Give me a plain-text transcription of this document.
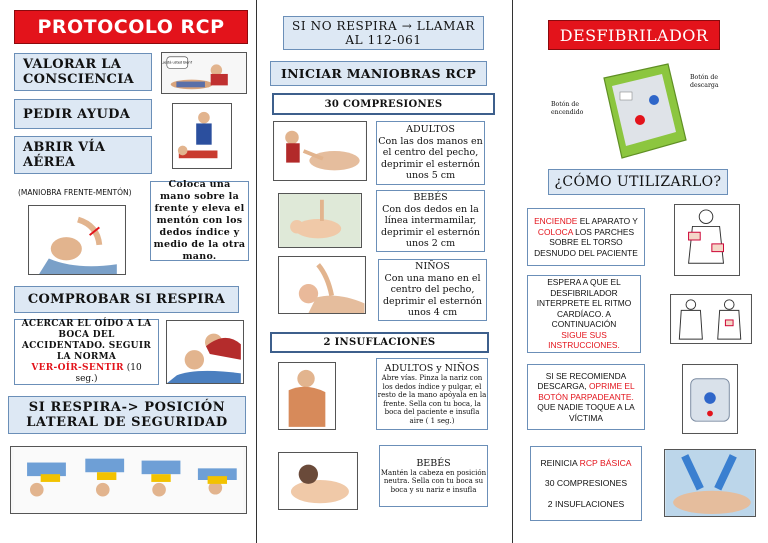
PROTOCOLO RCP
VALORAR LA CONSCIENCIA
¿está usted bien?
PEDIR AYUDA
ABRIR VÍA AÉREA
(MANIOBRA FRENTE-MENTÓN)
Coloca una mano sobre la frente y eleva el mentón con los dedos índice y medio de la otra mano.
COMPROBAR SI RESPIRA
ACERCAR EL OÍDO A LA BOCA DEL ACCIDENTADO. SEGUIR LA NORMA
VER-OÍR-SENTIR (10 seg.)
SI RESPIRA-> POSICIÓN LATERAL DE SEGURIDAD
SI NO RESPIRA → LLAMAR AL 112-061
INICIAR MANIOBRAS RCP
30 COMPRESIONES
ADULTOS
Con las dos manos en el centro del pecho, deprimir el esternón unos 5 cm
BEBÉS
Con dos dedos en la línea intermamilar, deprimir el esternón unos 2 cm
NIÑOS
Con una mano en el centro del pecho, deprimir el esternón unos 4 cm
2 INSUFLACIONES
ADULTOS y NIÑOS
Abre vías. Pinza la nariz con los dedos índice y pulgar, el resto de la mano apóyala en la frente. Sella con tu boca, la boca del paciente e insufla aire ( 1 seg.)
BEBÉS
Mantén la cabeza en posición neutra. Sella con tu boca su boca y su nariz e insufla
DESFIBRILADOR
Botón de descarga
Botón de encendido
¿CÓMO UTILIZARLO?
ENCIENDE EL APARATO Y COLOCA LOS PARCHES SOBRE EL TORSO DESNUDO DEL PACIENTE
ESPERA A QUE EL DESFIBRILADOR INTERPRETE EL RITMO CARDÍACO. A CONTINUACIÓN
SIGUE SUS INSTRUCCIONES.
SI SE RECOMIENDA DESCARGA, OPRIME EL BOTÓN PARPADEANTE. QUE NADIE TOQUE A LA VÍCTIMA
REINICIA RCP BÁSICA
30 COMPRESIONES
2 INSUFLACIONES
